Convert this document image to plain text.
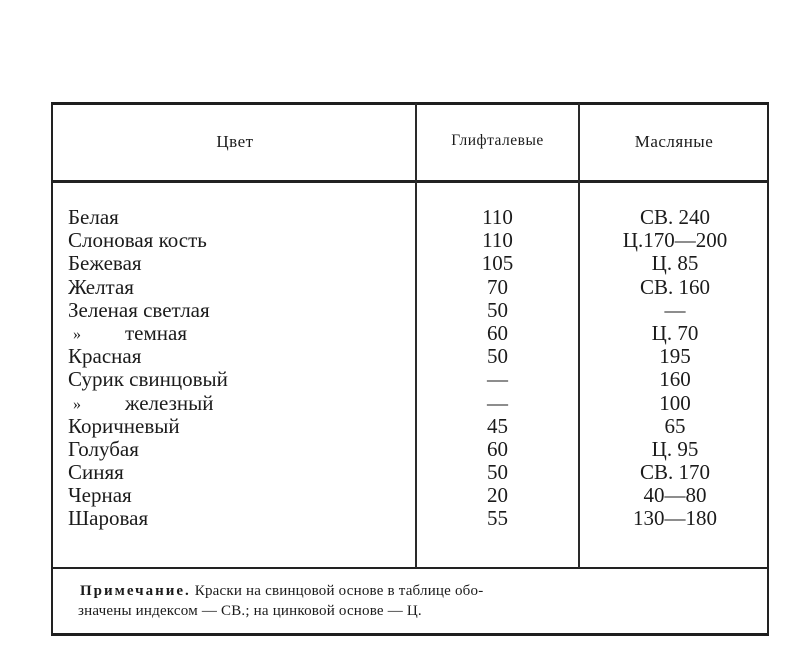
Цвет	Глифталевые	Масляные
Белая	110	СВ. 240
Слоновая кость	110	Ц.170—200
Бежевая	105	Ц. 85
Желтая	70	СВ. 160
Зеленая светлая	50	—
» темная	60	Ц. 70
Красная	50	195
Сурик свинцовый	—	160
» железный	—	100
Коричневый	45	65
Голубая	60	Ц. 95
Синяя	50	СВ. 170
Черная	20	40—80
Шаровая	55	130—180
Примечание. Краски на свинцовой основе в таблице обо-
значены индексом — СВ.; на цинковой основе — Ц.
